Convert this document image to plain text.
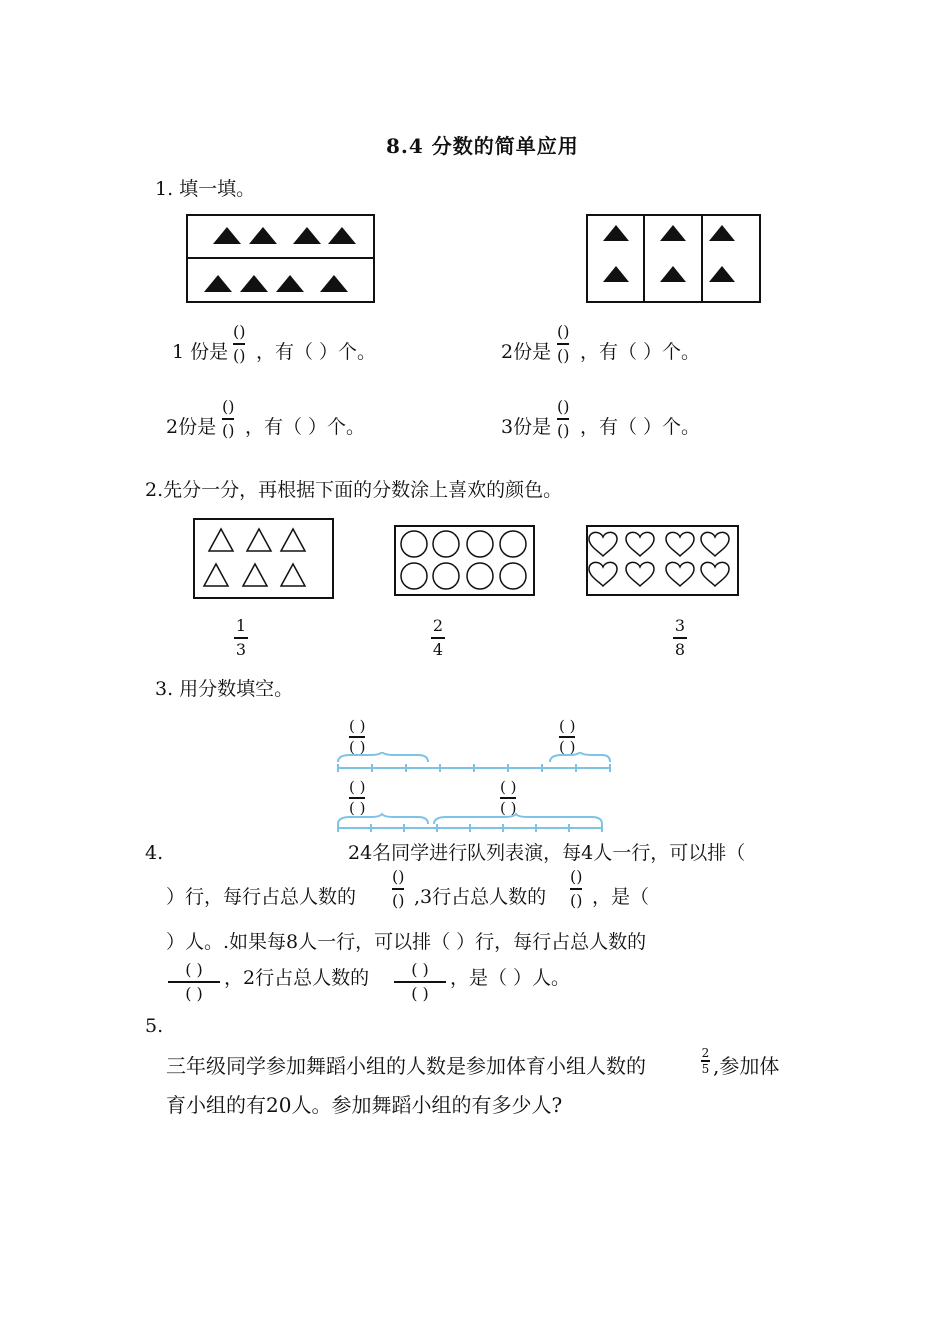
8.4 分数的简单应用
1. 填一填。
1 份是
()
() ，有（ ）个。	2份是
()
() ，有（ ）个。
2份是
()
() ，有（ ）个。	3份是
()
() ，有（ ）个。
2.先分一分，再根据下面的分数涂上喜欢的颜色。
1
3
2
4
3
8
3. 用分数填空。
( )
( )
( )
( )
( )
( )
( )
( )
4.	24名同学进行队列表演，每4人一行，可以排（
）行，每行占总人数的
()
() ,3行占总人数的
()
() ，是（
）人。.如果每8人一行，可以排（ ）行，每行占总人数的
( )
( )
，2行占总人数的	( )
( )
，是（ ）人。
5.
三年级同学参加舞蹈小组的人数是参加体育小组人数的
2
5 ,参加体
育小组的有20人。参加舞蹈小组的有多少人?
